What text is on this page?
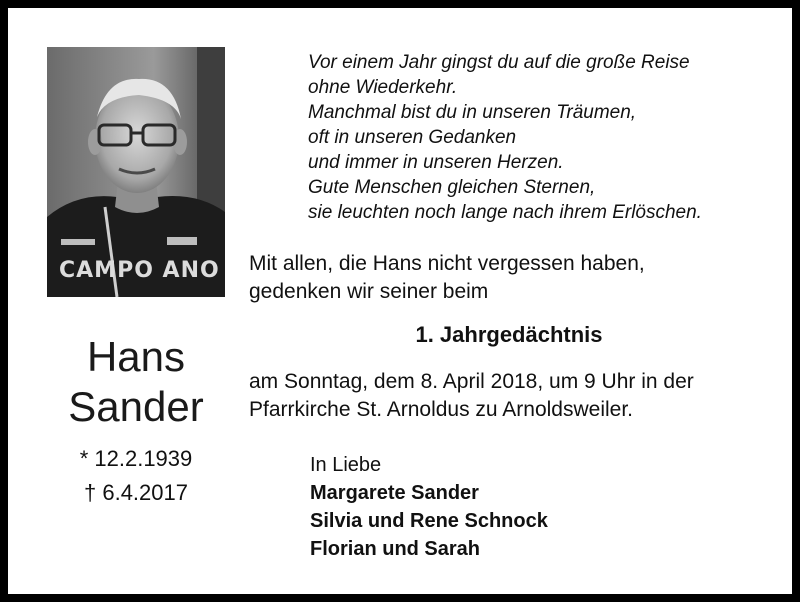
CAMPO ANO
Hans
Sander
* 12.2.1939
† 6.4.2017
Vor einem Jahr gingst du auf die große Reise
ohne Wiederkehr.
Manchmal bist du in unseren Träumen,
oft in unseren Gedanken
und immer in unseren Herzen.
Gute Menschen gleichen Sternen,
sie leuchten noch lange nach ihrem Erlöschen.
Mit allen, die Hans nicht vergessen haben,
gedenken wir seiner beim
1. Jahrgedächtnis
am Sonntag, dem 8. April 2018, um 9 Uhr in der
Pfarrkirche St. Arnoldus zu Arnoldsweiler.
In Liebe
Margarete Sander
Silvia und Rene Schnock
Florian und Sarah
